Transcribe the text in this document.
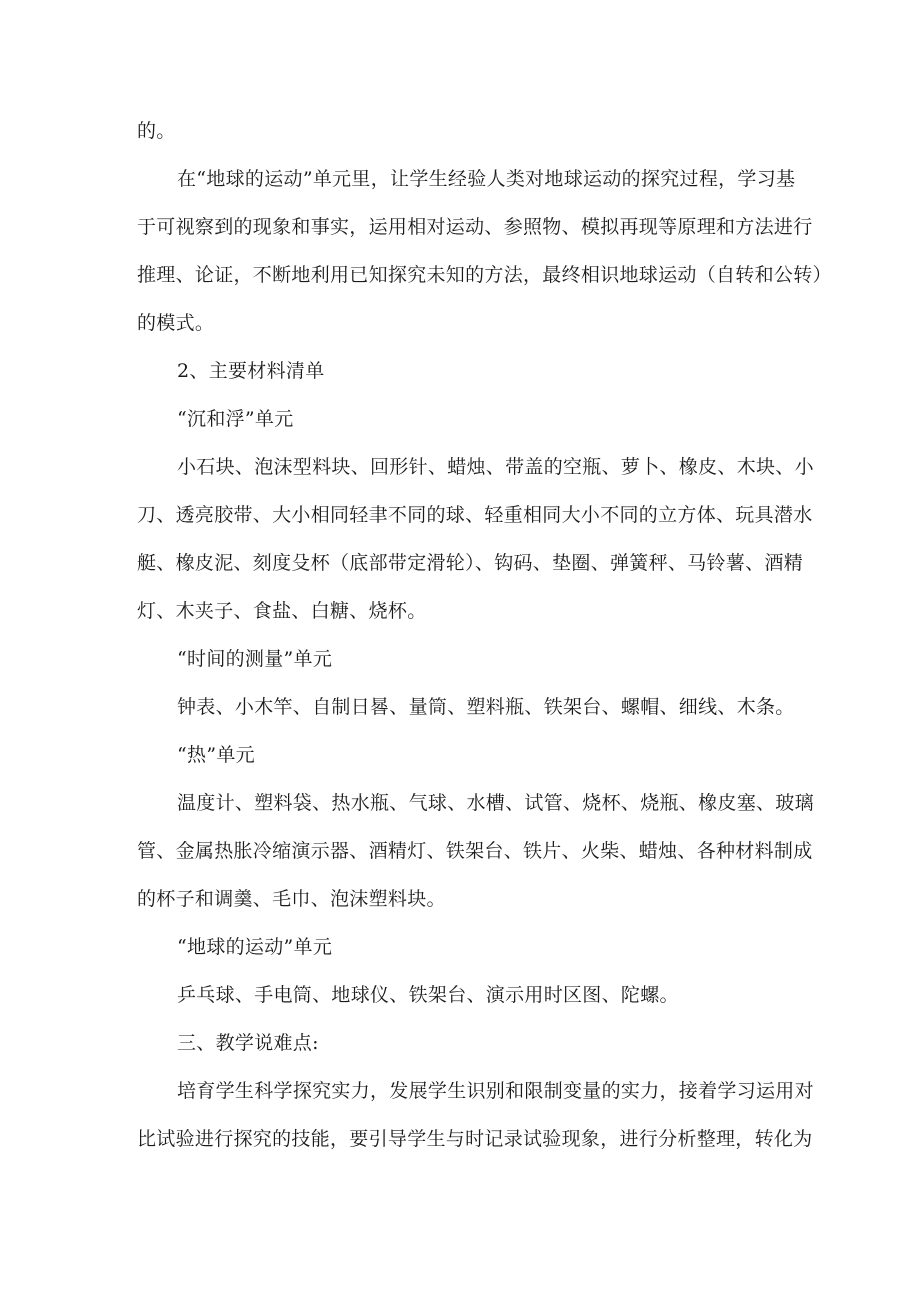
的。
在“地球的运动”单元里，让学生经验人类对地球运动的探究过程，学习基
于可视察到的现象和事实，运用相对运动、参照物、模拟再现等原理和方法进行
推理、论证，不断地利用已知探究未知的方法，最终相识地球运动（自转和公转）
的模式。
2、主要材料清单
“沉和浮”单元
小石块、泡沫型料块、回形针、蜡烛、带盖的空瓶、萝卜、橡皮、木块、小
刀、透亮胶带、大小相同轻聿不同的球、轻重相同大小不同的立方体、玩具潜水
艇、橡皮泥、刻度殳杯（底部带定滑轮）、钩码、垫圈、弹簧秤、马铃薯、酒精
灯、木夹子、食盐、白糖、烧杯。
“时间的测量”单元
钟表、小木竿、自制日晷、量筒、塑料瓶、铁架台、螺帽、细线、木条。
“热”单元
温度计、塑料袋、热水瓶、气球、水槽、试管、烧杯、烧瓶、橡皮塞、玻璃
管、金属热胀冷缩演示器、酒精灯、铁架台、铁片、火柴、蜡烛、各种材料制成
的杯子和调羹、毛巾、泡沫塑料块。
“地球的运动”单元
乒乓球、手电筒、地球仪、铁架台、演示用时区图、陀螺。
三、教学说难点:
培育学生科学探究实力，发展学生识别和限制变量的实力，接着学习运用对
比试验进行探究的技能，要引导学生与时记录试验现象，进行分析整理，转化为
